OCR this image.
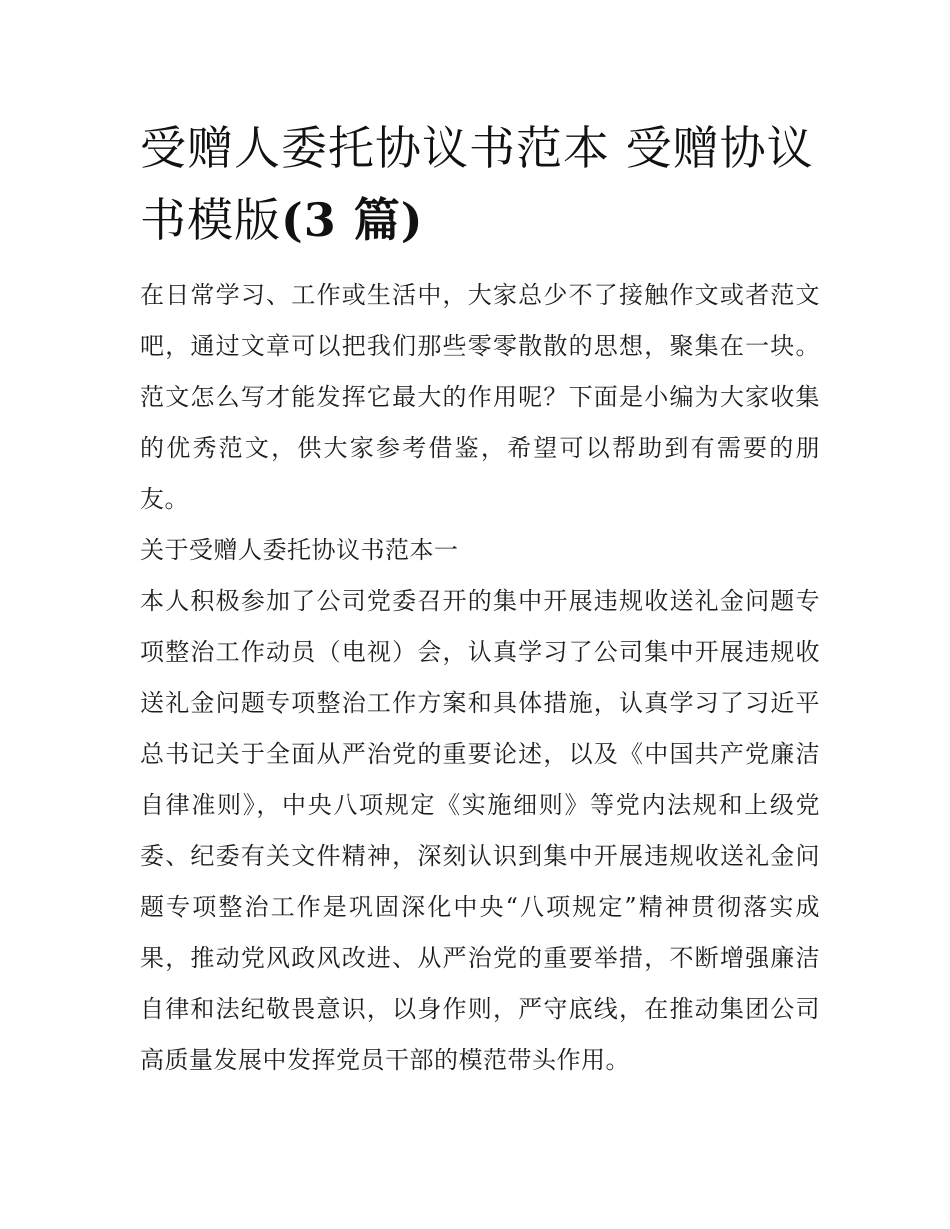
受赠人委托协议书范本 受赠协议书模版(3 篇)

在日常学习、工作或生活中，大家总少不了接触作文或者范文吧，通过文章可以把我们那些零零散散的思想，聚集在一块。范文怎么写才能发挥它最大的作用呢？下面是小编为大家收集的优秀范文，供大家参考借鉴，希望可以帮助到有需要的朋友。

关于受赠人委托协议书范本一

本人积极参加了公司党委召开的集中开展违规收送礼金问题专项整治工作动员（电视）会，认真学习了公司集中开展违规收送礼金问题专项整治工作方案和具体措施，认真学习了习近平总书记关于全面从严治党的重要论述，以及《中国共产党廉洁自律准则》，中央八项规定《实施细则》等党内法规和上级党委、纪委有关文件精神，深刻认识到集中开展违规收送礼金问题专项整治工作是巩固深化中央“八项规定”精神贯彻落实成果，推动党风政风改进、从严治党的重要举措，不断增强廉洁自律和法纪敬畏意识，以身作则，严守底线，在推动集团公司高质量发展中发挥党员干部的模范带头作用。
